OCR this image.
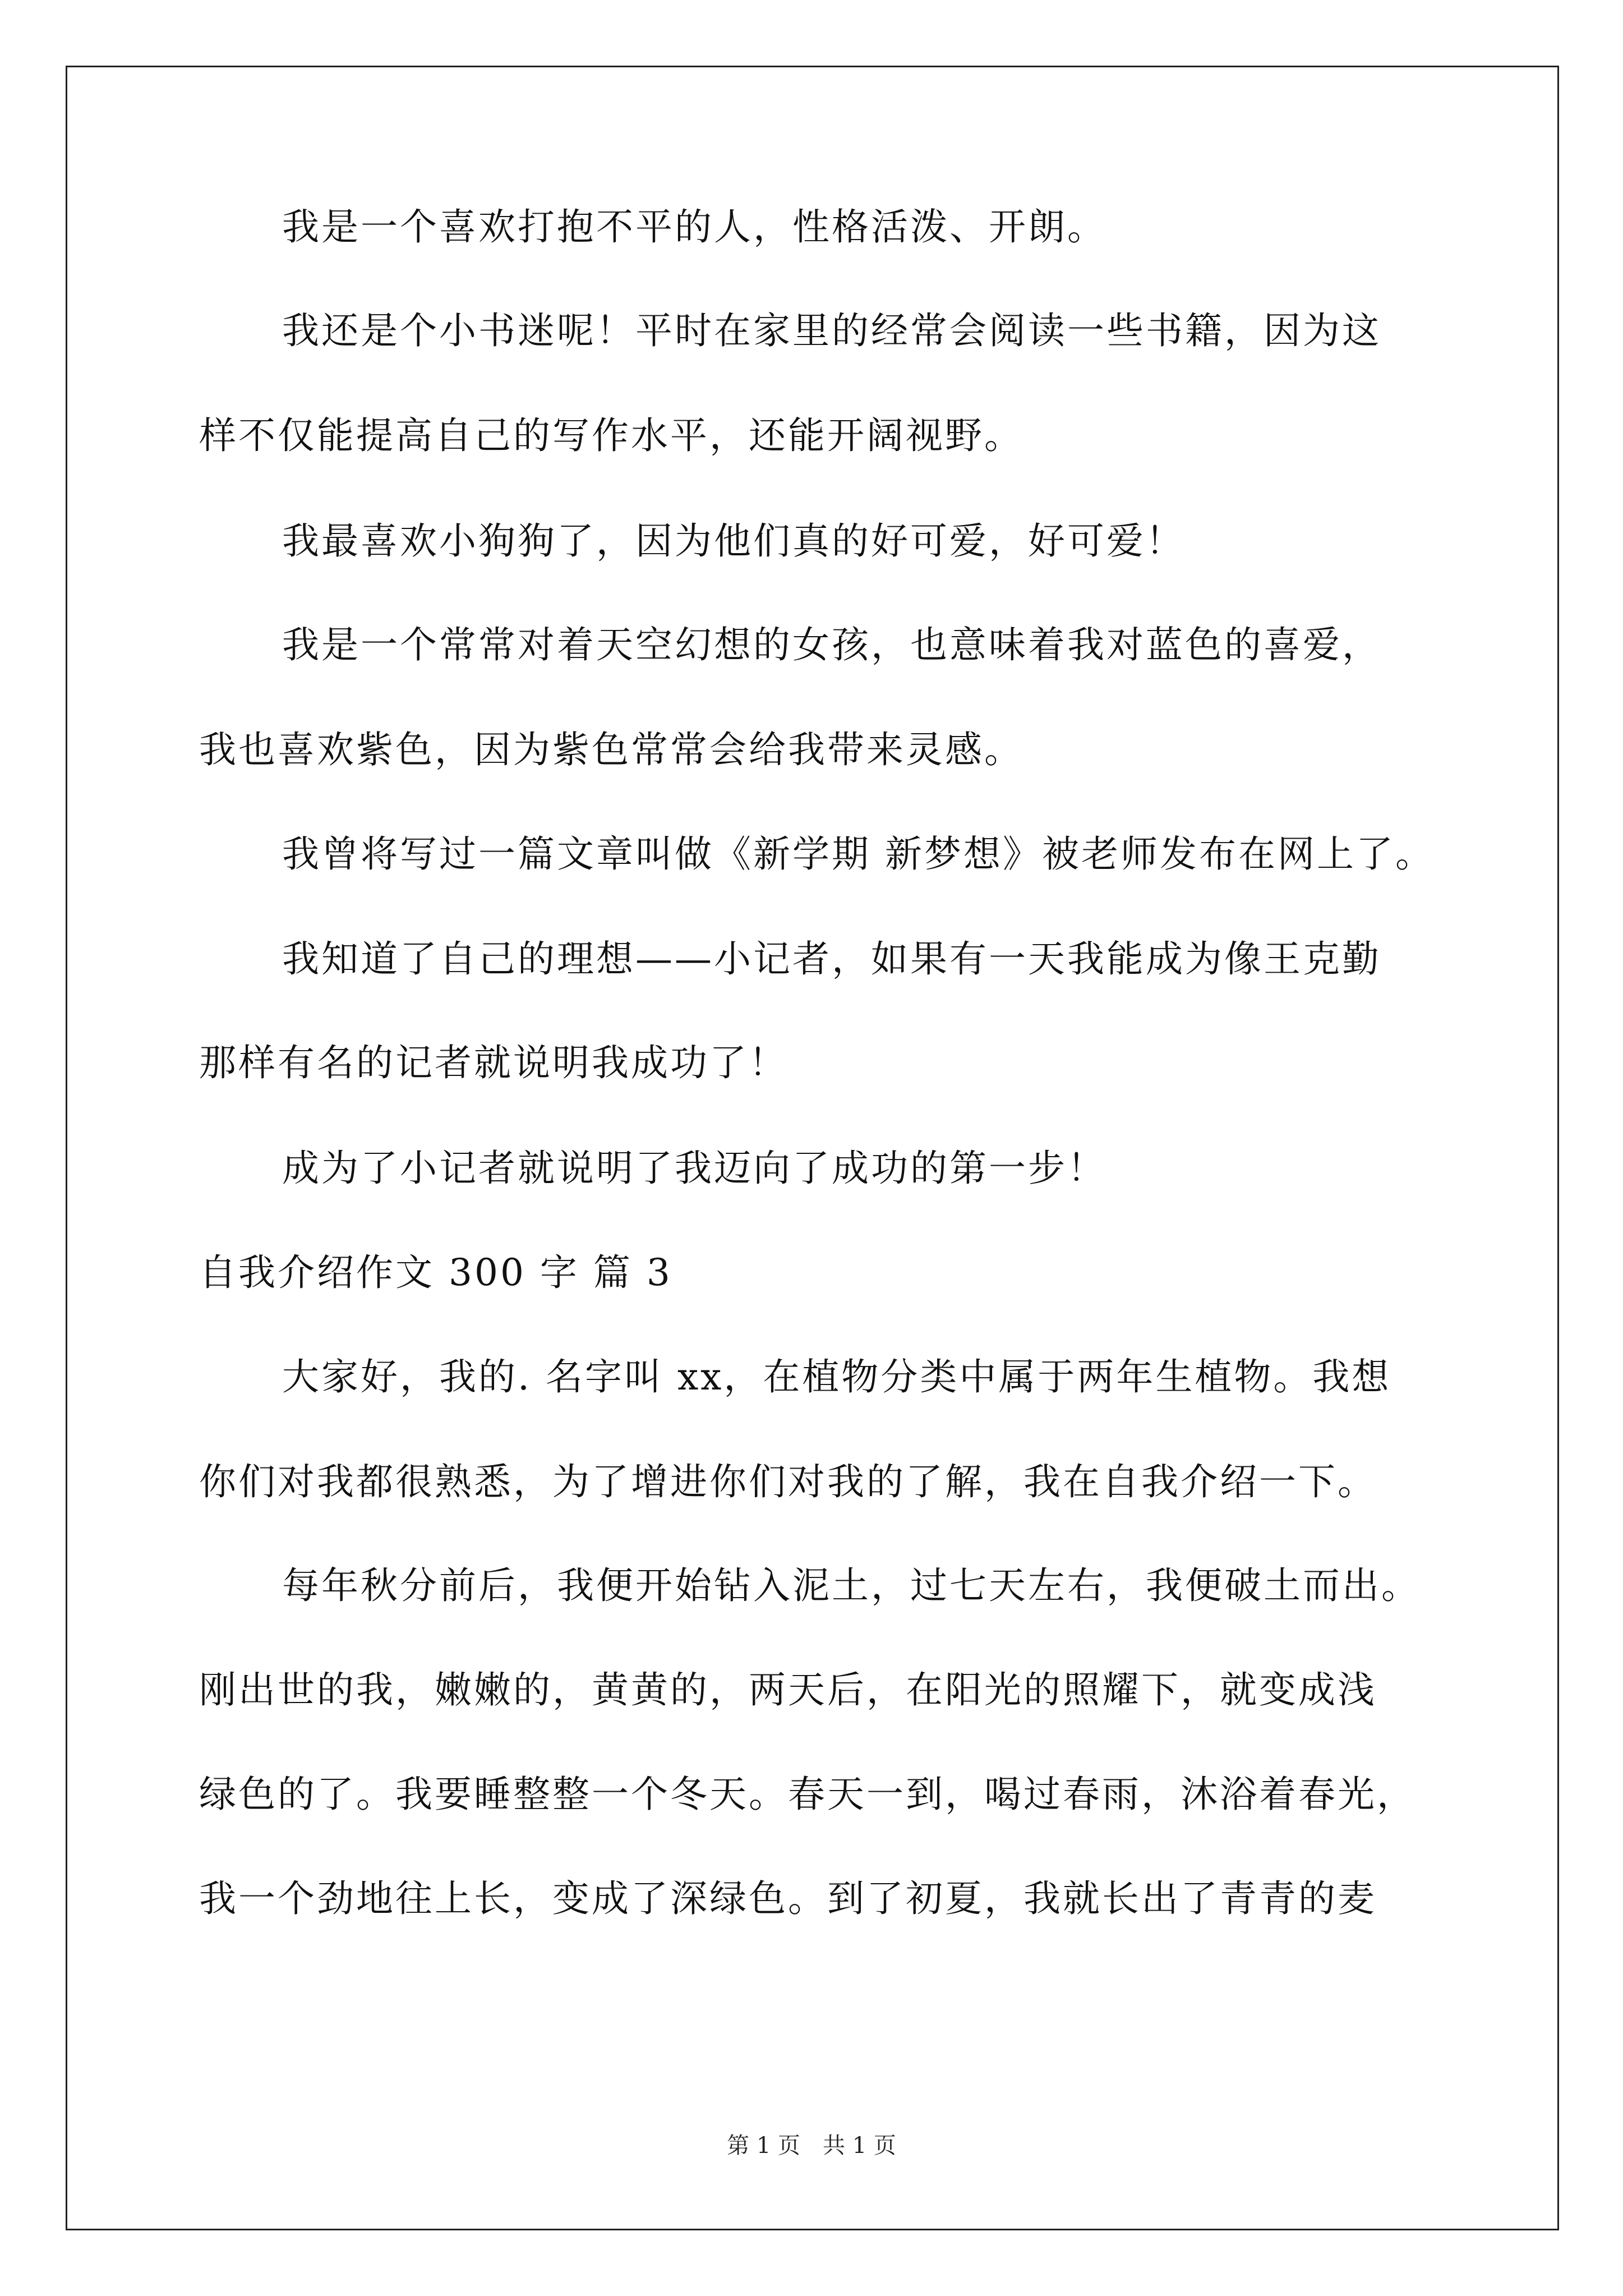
我是一个喜欢打抱不平的人，性格活泼、开朗。
我还是个小书迷呢！平时在家里的经常会阅读一些书籍，因为这
样不仅能提高自己的写作水平，还能开阔视野。
我最喜欢小狗狗了，因为他们真的好可爱，好可爱！
我是一个常常对着天空幻想的女孩，也意味着我对蓝色的喜爱，
我也喜欢紫色，因为紫色常常会给我带来灵感。
我曾将写过一篇文章叫做《新学期 新梦想》被老师发布在网上了。
我知道了自己的理想——小记者，如果有一天我能成为像王克勤
那样有名的记者就说明我成功了！
成为了小记者就说明了我迈向了成功的第一步！
自我介绍作文 300 字 篇 3
大家好，我的. 名字叫 xx，在植物分类中属于两年生植物。我想
你们对我都很熟悉，为了增进你们对我的了解，我在自我介绍一下。
每年秋分前后，我便开始钻入泥土，过七天左右，我便破土而出。
刚出世的我，嫩嫩的，黄黄的，两天后，在阳光的照耀下，就变成浅
绿色的了。我要睡整整一个冬天。春天一到，喝过春雨，沐浴着春光，
我一个劲地往上长，变成了深绿色。到了初夏，我就长出了青青的麦
第 1 页　共 1 页
